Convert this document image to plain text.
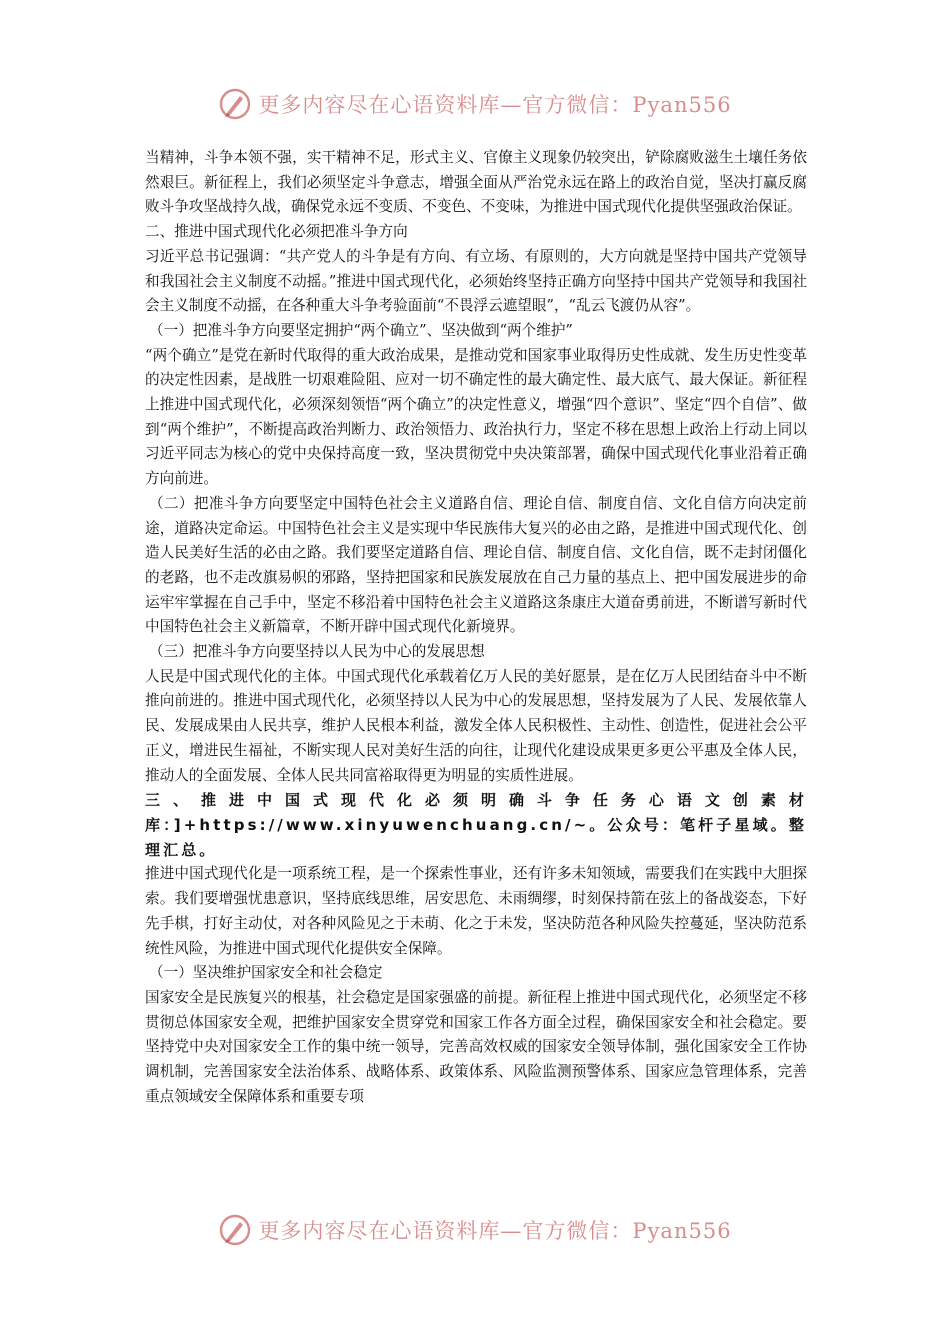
更多内容尽在心语资料库—官方微信：Pyan556

当精神，斗争本领不强，实干精神不足，形式主义、官僚主义现象仍较突出，铲除腐败滋生土壤任务依然艰巨。新征程上，我们必须坚定斗争意志，增强全面从严治党永远在路上的政治自觉，坚决打赢反腐败斗争攻坚战持久战，确保党永远不变质、不变色、不变味，为推进中国式现代化提供坚强政治保证。

二、推进中国式现代化必须把准斗争方向

习近平总书记强调：“共产党人的斗争是有方向、有立场、有原则的，大方向就是坚持中国共产党领导和我国社会主义制度不动摇。”推进中国式现代化，必须始终坚持正确方向坚持中国共产党领导和我国社会主义制度不动摇，在各种重大斗争考验面前“不畏浮云遮望眼”，“乱云飞渡仍从容”。

（一）把准斗争方向要坚定拥护“两个确立”、坚决做到“两个维护”

“两个确立”是党在新时代取得的重大政治成果，是推动党和国家事业取得历史性成就、发生历史性变革的决定性因素，是战胜一切艰难险阻、应对一切不确定性的最大确定性、最大底气、最大保证。新征程上推进中国式现代化，必须深刻领悟“两个确立”的决定性意义，增强“四个意识”、坚定“四个自信”、做到“两个维护”，不断提高政治判断力、政治领悟力、政治执行力，坚定不移在思想上政治上行动上同以习近平同志为核心的党中央保持高度一致，坚决贯彻党中央决策部署，确保中国式现代化事业沿着正确方向前进。

（二）把准斗争方向要坚定中国特色社会主义道路自信、理论自信、制度自信、文化自信方向决定前途，道路决定命运。中国特色社会主义是实现中华民族伟大复兴的必由之路，是推进中国式现代化、创造人民美好生活的必由之路。我们要坚定道路自信、理论自信、制度自信、文化自信，既不走封闭僵化的老路，也不走改旗易帜的邪路，坚持把国家和民族发展放在自己力量的基点上、把中国发展进步的命运牢牢掌握在自己手中，坚定不移沿着中国特色社会主义道路这条康庄大道奋勇前进，不断谱写新时代中国特色社会主义新篇章，不断开辟中国式现代化新境界。

（三）把准斗争方向要坚持以人民为中心的发展思想

人民是中国式现代化的主体。中国式现代化承载着亿万人民的美好愿景，是在亿万人民团结奋斗中不断推向前进的。推进中国式现代化，必须坚持以人民为中心的发展思想，坚持发展为了人民、发展依靠人民、发展成果由人民共享，维护人民根本利益，激发全体人民积极性、主动性、创造性，促进社会公平正义，增进民生福祉，不断实现人民对美好生活的向往，让现代化建设成果更多更公平惠及全体人民，推动人的全面发展、全体人民共同富裕取得更为明显的实质性进展。

三、推进中国式现代化必须明确斗争任务心语文创素材库：]+https://www.xinyuwenchuang.cn/~。公众号：笔杆子星域。整理汇总。

推进中国式现代化是一项系统工程，是一个探索性事业，还有许多未知领域，需要我们在实践中大胆探索。我们要增强忧患意识，坚持底线思维，居安思危、未雨绸缪，时刻保持箭在弦上的备战姿态，下好先手棋，打好主动仗，对各种风险见之于未萌、化之于未发，坚决防范各种风险失控蔓延，坚决防范系统性风险，为推进中国式现代化提供安全保障。

（一）坚决维护国家安全和社会稳定

国家安全是民族复兴的根基，社会稳定是国家强盛的前提。新征程上推进中国式现代化，必须坚定不移贯彻总体国家安全观，把维护国家安全贯穿党和国家工作各方面全过程，确保国家安全和社会稳定。要坚持党中央对国家安全工作的集中统一领导，完善高效权威的国家安全领导体制，强化国家安全工作协调机制，完善国家安全法治体系、战略体系、政策体系、风险监测预警体系、国家应急管理体系，完善重点领域安全保障体系和重要专项

更多内容尽在心语资料库—官方微信：Pyan556
